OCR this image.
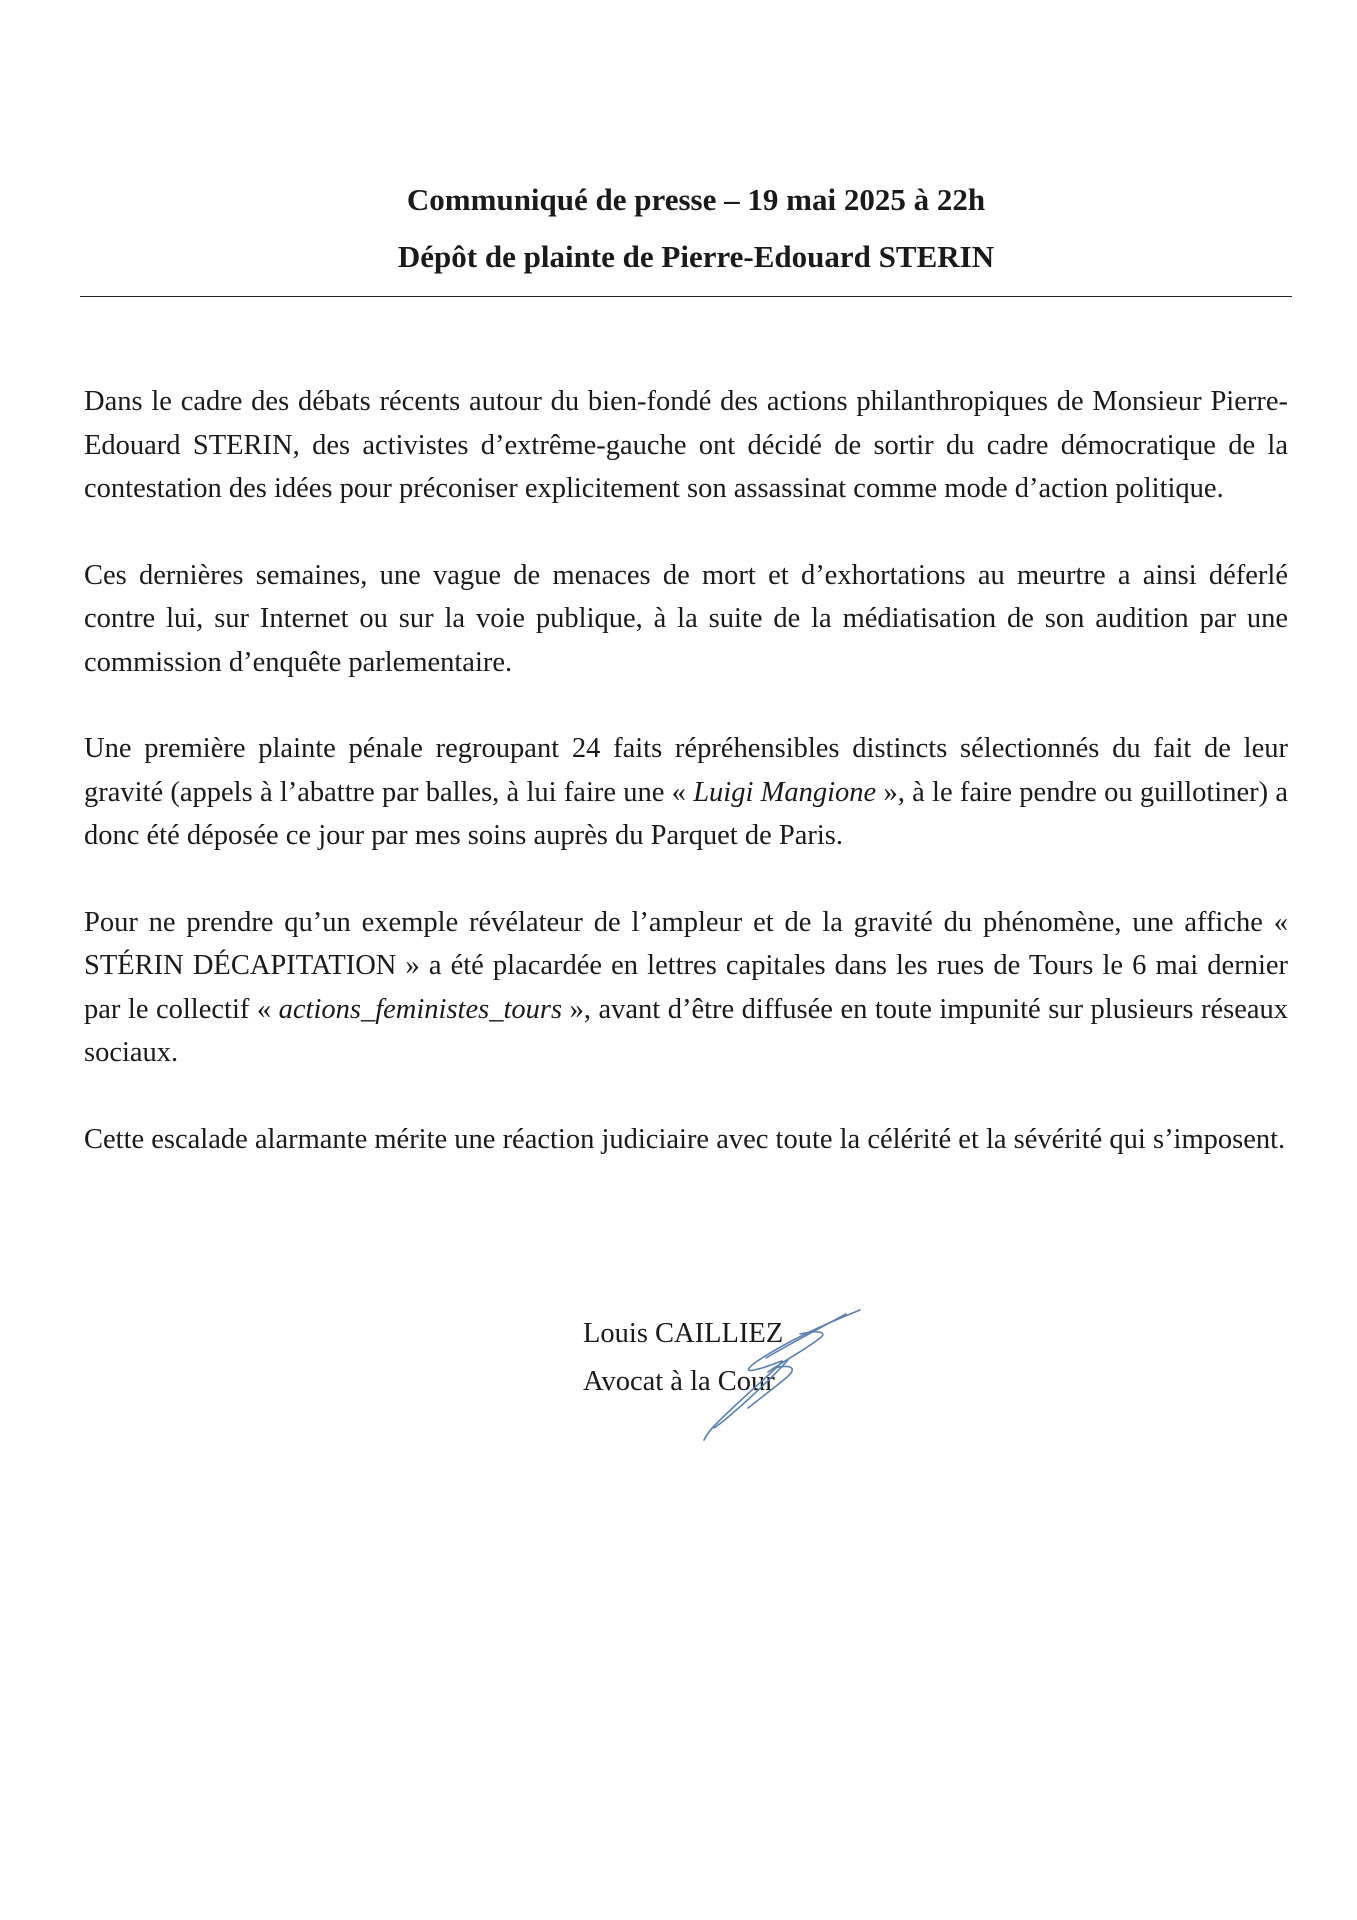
Communiqué de presse – 19 mai 2025 à 22h

Dépôt de plainte de Pierre-Edouard STERIN

Dans le cadre des débats récents autour du bien-fondé des actions philanthropiques de Monsieur Pierre-Edouard STERIN, des activistes d’extrême-gauche ont décidé de sortir du cadre démocratique de la contestation des idées pour préconiser explicitement son assassinat comme mode d’action politique.

Ces dernières semaines, une vague de menaces de mort et d’exhortations au meurtre a ainsi déferlé contre lui, sur Internet ou sur la voie publique, à la suite de la médiatisation de son audition par une commission d’enquête parlementaire.

Une première plainte pénale regroupant 24 faits répréhensibles distincts sélectionnés du fait de leur gravité (appels à l’abattre par balles, à lui faire une « Luigi Mangione », à le faire pendre ou guillotiner) a donc été déposée ce jour par mes soins auprès du Parquet de Paris.

Pour ne prendre qu’un exemple révélateur de l’ampleur et de la gravité du phénomène, une affiche « STÉRIN DÉCAPITATION » a été placardée en lettres capitales dans les rues de Tours le 6 mai dernier par le collectif « actions_feministes_tours », avant d’être diffusée en toute impunité sur plusieurs réseaux sociaux.

Cette escalade alarmante mérite une réaction judiciaire avec toute la célérité et la sévérité qui s’imposent.

Louis CAILLIEZ
Avocat à la Cour
